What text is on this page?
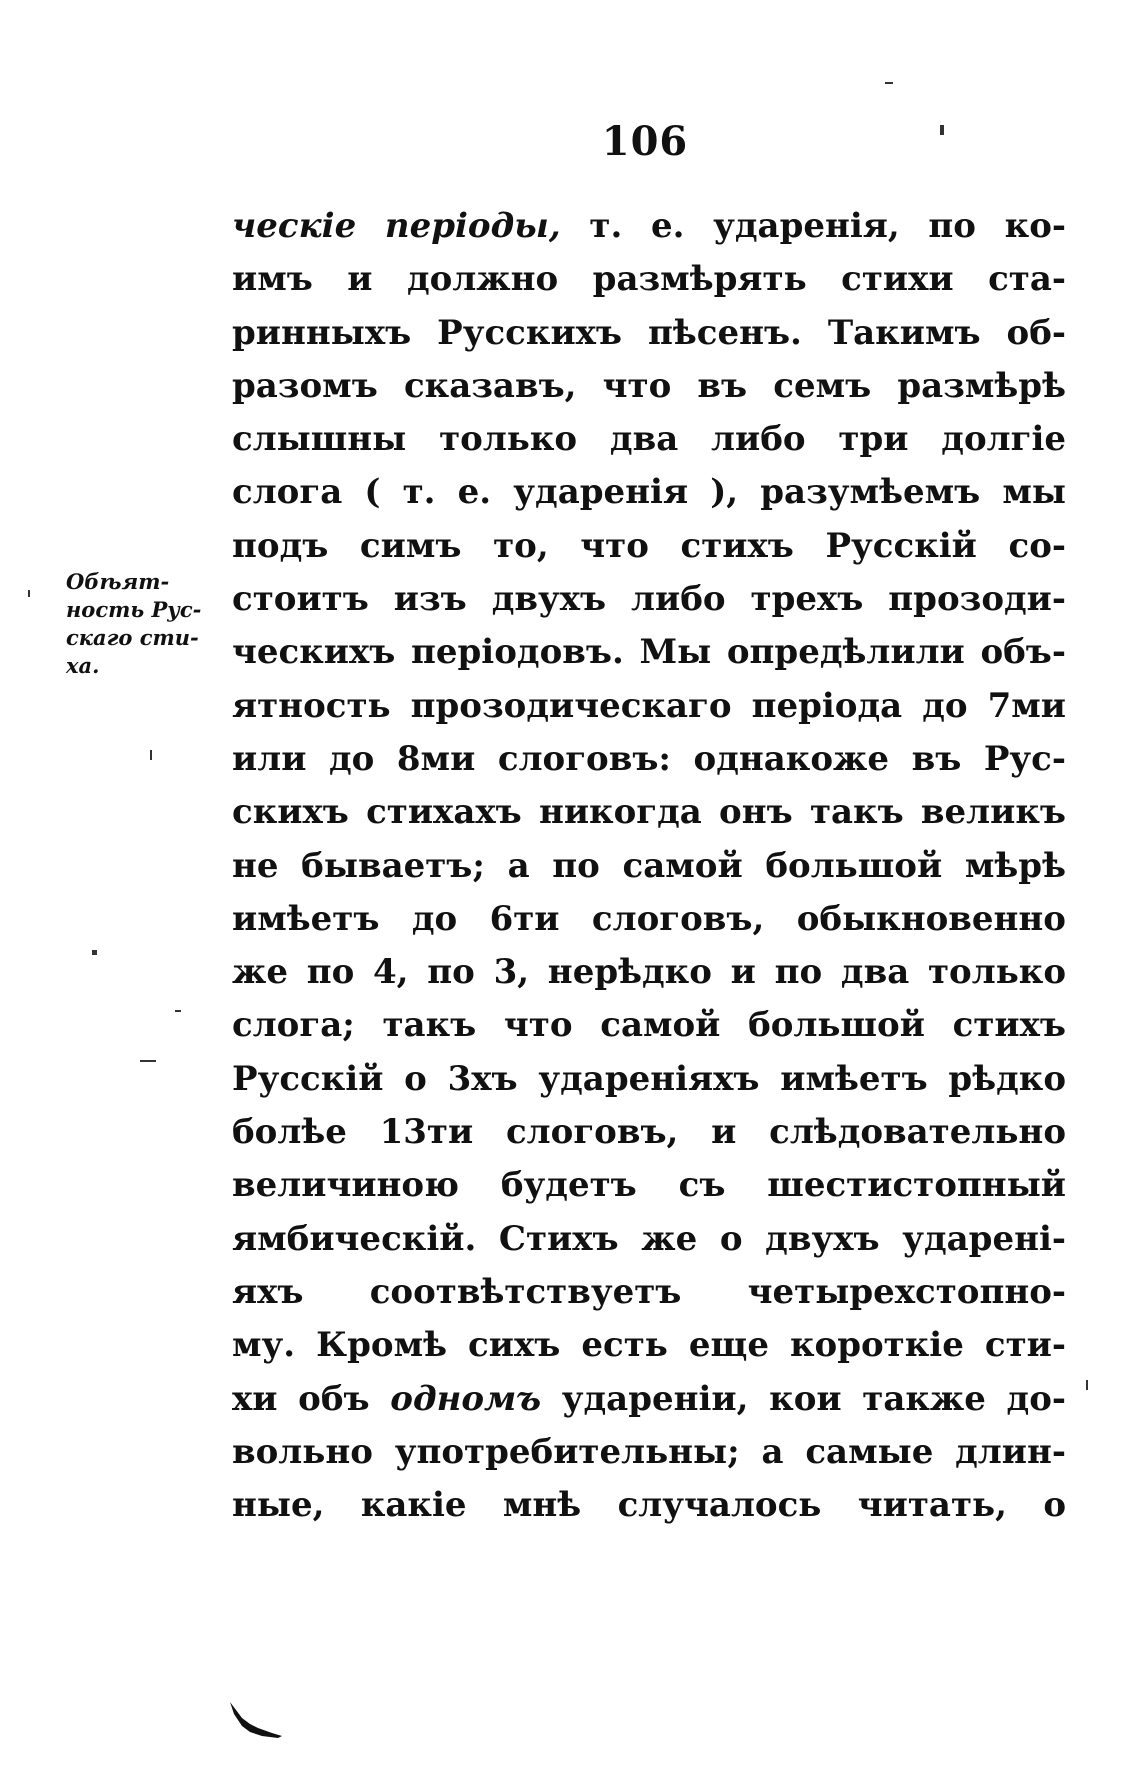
106
Обѣят-
ность Рус-
скаго сти-
ха.
ческіе періоды, т. е. ударенія, по ко-
имъ и должно размѣрять стихи ста-
ринныхъ Русскихъ пѣсенъ. Такимъ об-
разомъ сказавъ, что въ семъ размѣрѣ
слышны только два либо три долгіе
слога ( т. е. ударенія ), разумѣемъ мы
подъ симъ то, что стихъ Русскій со-
стоитъ изъ двухъ либо трехъ прозоди-
ческихъ періодовъ. Мы опредѣлили объ-
ятность прозодическаго періода до 7ми
или до 8ми слоговъ: однакоже въ Рус-
скихъ стихахъ никогда онъ такъ великъ
не бываетъ; а по самой большой мѣрѣ
имѣетъ до 6ти слоговъ, обыкновенно
же по 4, по 3, нерѣдко и по два только
слога; такъ что самой большой стихъ
Русскій о 3хъ удареніяхъ имѣетъ рѣдко
болѣе 13ти слоговъ, и слѣдовательно
величиною будетъ съ шестистопный
ямбическій. Стихъ же о двухъ ударені-
яхъ соотвѣтствуетъ четырехстопно-
му. Кромѣ сихъ есть еще короткіе сти-
хи объ одномъ удареніи, кои также до-
вольно употребительны; а самые длин-
ные, какіе мнѣ случалось читать, о
